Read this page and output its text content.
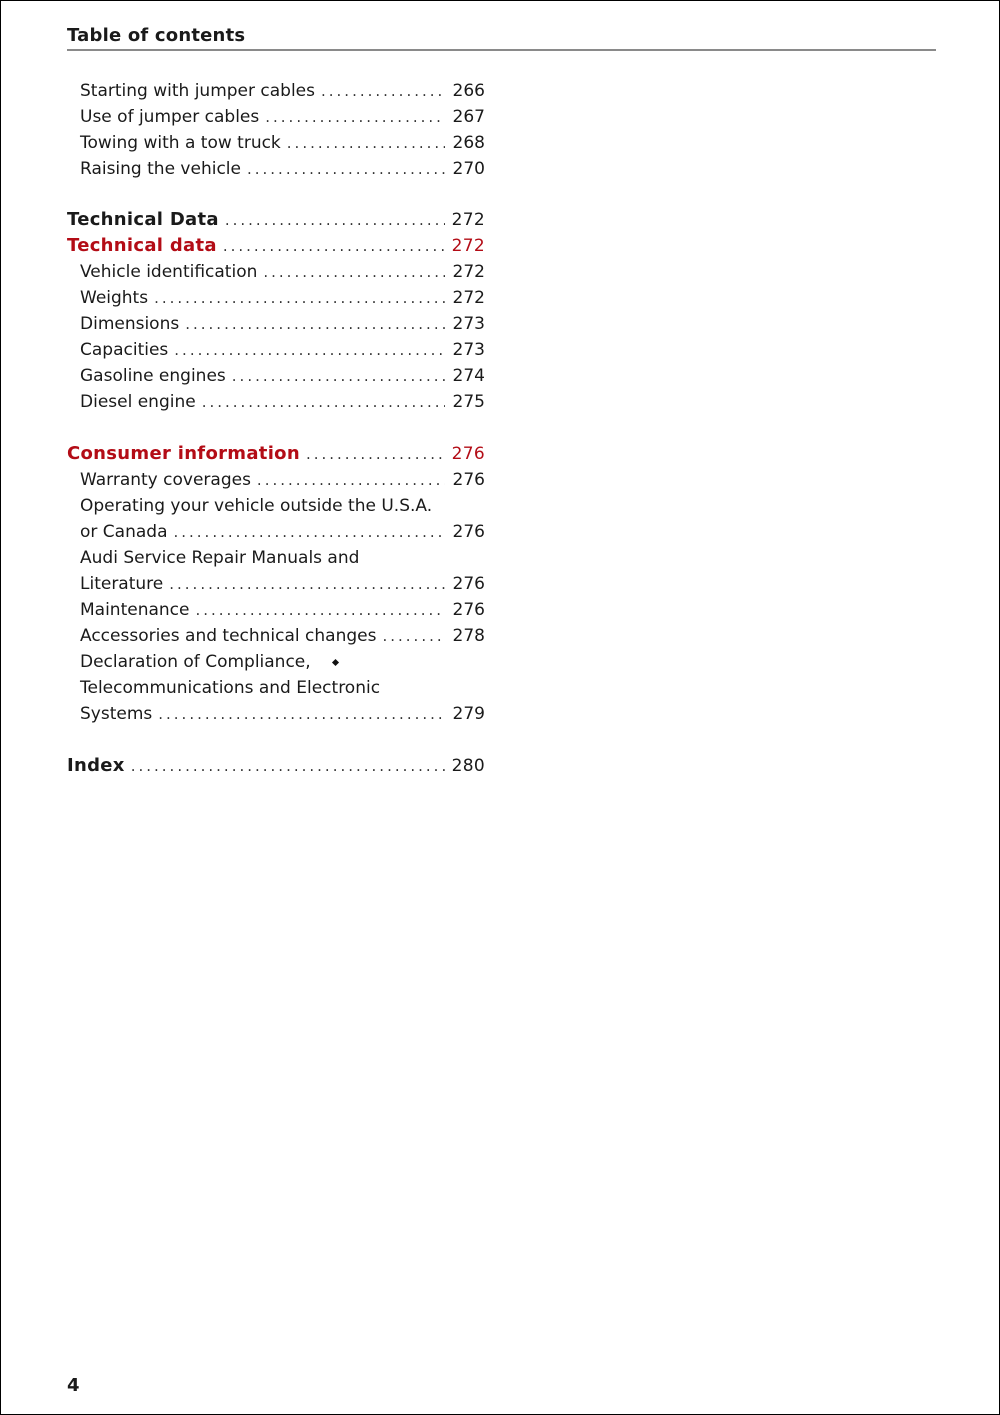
Table of contents
Starting with jumper cables .....	266
Use of jumper cables .....	267
Towing with a tow truck .....	268
Raising the vehicle .....	270
Technical Data .....	272
Technical data .....	272
Vehicle identification .....	272
Weights .....	272
Dimensions .....	273
Capacities .....	273
Gasoline engines .....	274
Diesel engine .....	275
Consumer information .....	276
Warranty coverages .....	276
Operating your vehicle outside the U.S.A.
or Canada .....	276
Audi Service Repair Manuals and
Literature .....	276
Maintenance .....	276
Accessories and technical changes .....	278
Declaration of Compliance,
Telecommunications and Electronic
Systems .....	279
Index .....	280
4
